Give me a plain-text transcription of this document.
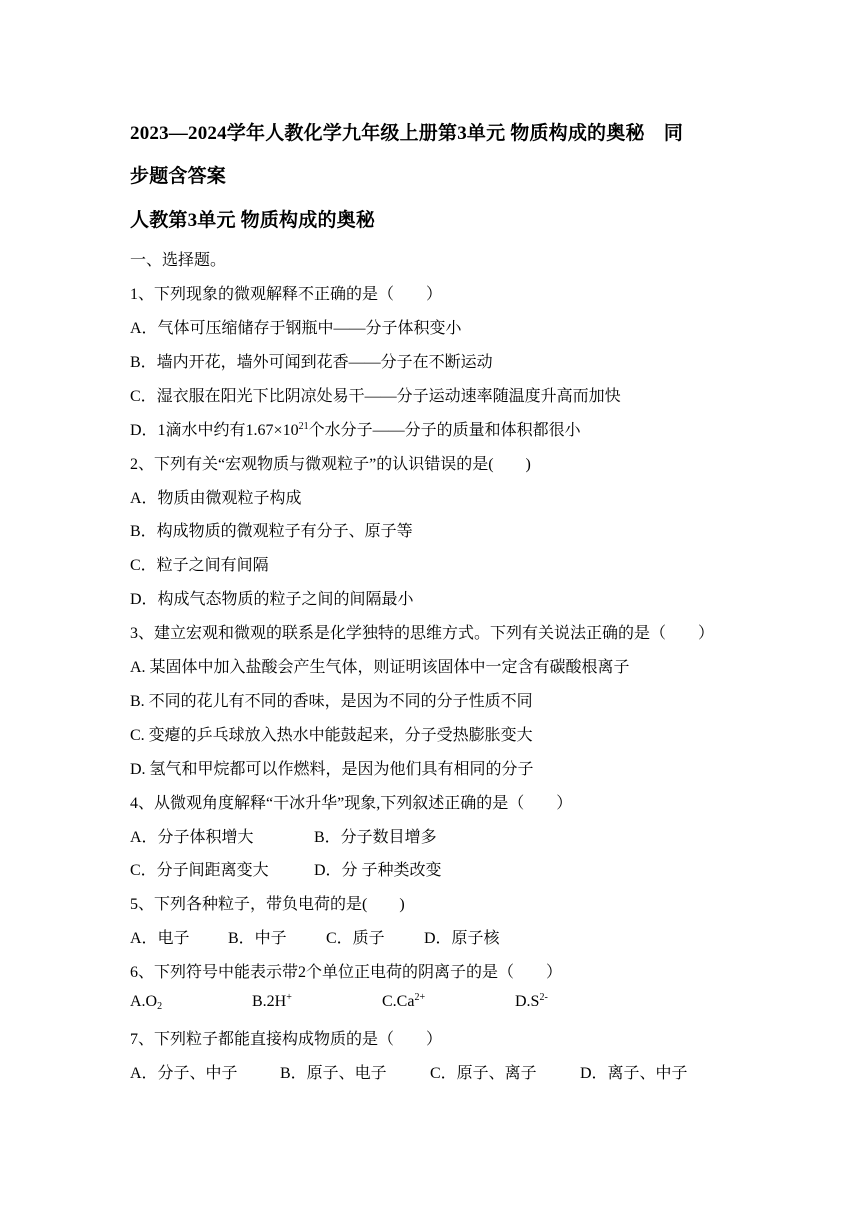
2023—2024学年人教化学九年级上册第3单元 物质构成的奥秘　同
步题含答案
人教第3单元 物质构成的奥秘
一、选择题。
1、下列现象的微观解释不正确的是（　　）
A．气体可压缩储存于钢瓶中——分子体积变小
B．墙内开花，墙外可闻到花香——分子在不断运动
C．湿衣服在阳光下比阴凉处易干——分子运动速率随温度升高而加快
D．1滴水中约有$1.67\times 10^{21}$个水分子——分子的质量和体积都很小
2、下列有关“宏观物质与微观粒子”的认识错误的是(　　)
A．物质由微观粒子构成
B．构成物质的微观粒子有分子、原子等
C．粒子之间有间隔
D．构成气态物质的粒子之间的间隔最小
3、建立宏观和微观的联系是化学独特的思维方式。下列有关说法正确的是（　　）
A. 某固体中加入盐酸会产生气体，则证明该固体中一定含有碳酸根离子
B. 不同的花儿有不同的香味，是因为不同的分子性质不同
C. 变瘪的乒乓球放入热水中能鼓起来，分子受热膨胀变大
D. 氢气和甲烷都可以作燃料，是因为他们具有相同的分子
4、从微观角度解释“干冰升华”现象,下列叙述正确的是（　　）
A．分子体积增大	B．分子数目增多
C．分子间距离变大	D．分 子种类改变
5、下列各种粒子，带负电荷的是(　　)
A．电子 B．中子 C．质子 D．原子核
6、下列符号中能表示带2个单位正电荷的阴离子的是（　　）
$A.O_2$	B.2H+	$C.Ca^{2+}$	$D.S^{2-}$
7、下列粒子都能直接构成物质的是（　　）
A．分子、中子	B．原子、电子	C．原子、离子	D．离子、中子
